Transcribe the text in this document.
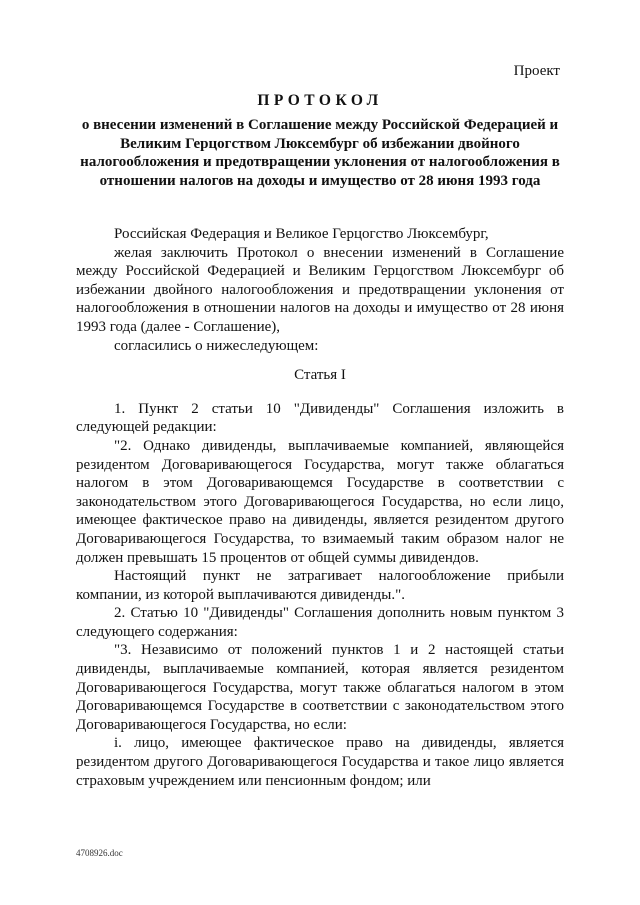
Проект
ПРОТОКОЛ
о внесении изменений в Соглашение между Российской Федерацией и Великим Герцогством Люксембург об избежании двойного налогообложения и предотвращении уклонения от налогообложения в отношении налогов на доходы и имущество от 28 июня 1993 года

Российская Федерация и Великое Герцогство Люксембург,

желая заключить Протокол о внесении изменений в Соглашение между Российской Федерацией и Великим Герцогством Люксембург об избежании двойного налогообложения и предотвращении уклонения от налогообложения в отношении налогов на доходы и имущество от 28 июня 1993 года (далее - Соглашение),

согласились о нижеследующем:

Статья I

1. Пункт 2 статьи 10 "Дивиденды" Соглашения изложить в следующей редакции:

"2. Однако дивиденды, выплачиваемые компанией, являющейся резидентом Договаривающегося Государства, могут также облагаться налогом в этом Договаривающемся Государстве в соответствии с законодательством этого Договаривающегося Государства, но если лицо, имеющее фактическое право на дивиденды, является резидентом другого Договаривающегося Государства, то взимаемый таким образом налог не должен превышать 15 процентов от общей суммы дивидендов.

Настоящий пункт не затрагивает налогообложение прибыли компании, из которой выплачиваются дивиденды.".

2. Статью 10 "Дивиденды" Соглашения дополнить новым пунктом 3 следующего содержания:

"3. Независимо от положений пунктов 1 и 2 настоящей статьи дивиденды, выплачиваемые компанией, которая является резидентом Договаривающегося Государства, могут также облагаться налогом в этом Договаривающемся Государстве в соответствии с законодательством этого Договаривающегося Государства, но если:

i. лицо, имеющее фактическое право на дивиденды, является резидентом другого Договаривающегося Государства и такое лицо является страховым учреждением или пенсионным фондом; или

4708926.doc
